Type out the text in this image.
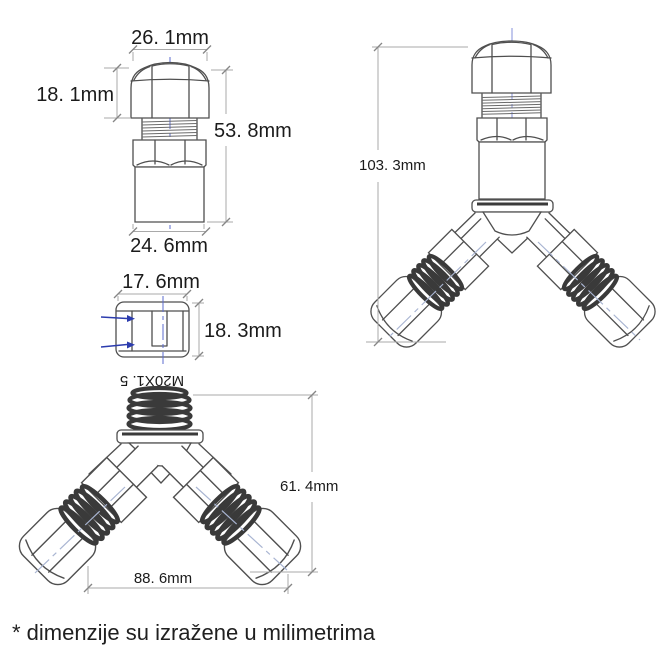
26. 1mm
18. 1mm
53. 8mm
24. 6mm
17. 6mm
18. 3mm
103. 3mm
M20X1. 5
61. 4mm
88. 6mm
* dimenzije su izražene u milimetrima
